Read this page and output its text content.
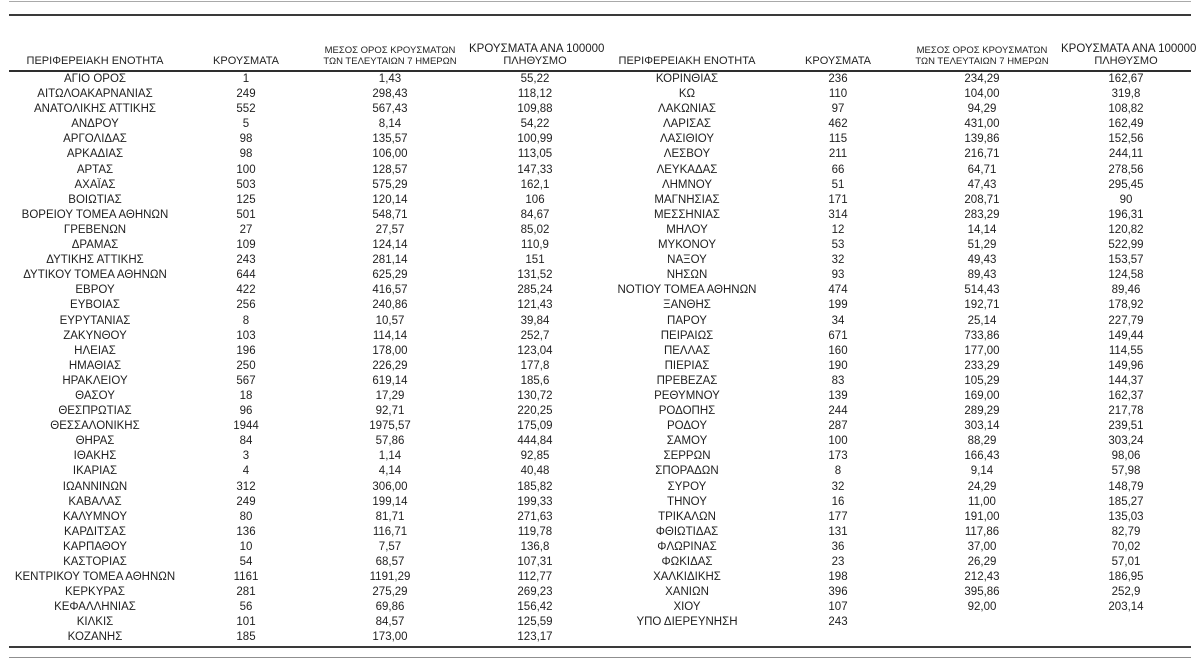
ΠΕΡΙΦΕΡΕΙΑΚΗ ΕΝΟΤΗΤΑ	ΚΡΟΥΣΜΑΤΑ	
ΜΕΣΟΣ ΟΡΟΣ ΚΡΟΥΣΜΑΤΩΝ
ΤΩΝ ΤΕΛΕΥΤΑΙΩΝ 7 ΗΜΕΡΩΝ

ΚΡΟΥΣΜΑΤΑ ΑΝΑ 100000
ΠΛΗΘΥΣΜΟ

ΑΓΙΟ ΟΡΟΣ	1	1,43	55,22
ΑΙΤΩΛΟΑΚΑΡΝΑΝΙΑΣ	249	298,43	118,12
ΑΝΑΤΟΛΙΚΗΣ ΑΤΤΙΚΗΣ	552	567,43	109,88
ΑΝΔΡΟΥ	5	8,14	54,22
ΑΡΓΟΛΙΔΑΣ	98	135,57	100,99
ΑΡΚΑΔΙΑΣ	98	106,00	113,05
ΑΡΤΑΣ	100	128,57	147,33
ΑΧΑΪΑΣ	503	575,29	162,1
ΒΟΙΩΤΙΑΣ	125	120,14	106
ΒΟΡΕΙΟΥ ΤΟΜΕΑ ΑΘΗΝΩΝ	501	548,71	84,67
ΓΡΕΒΕΝΩΝ	27	27,57	85,02
ΔΡΑΜΑΣ	109	124,14	110,9
ΔΥΤΙΚΗΣ ΑΤΤΙΚΗΣ	243	281,14	151
ΔΥΤΙΚΟΥ ΤΟΜΕΑ ΑΘΗΝΩΝ	644	625,29	131,52
ΕΒΡΟΥ	422	416,57	285,24
ΕΥΒΟΙΑΣ	256	240,86	121,43
ΕΥΡΥΤΑΝΙΑΣ	8	10,57	39,84
ΖΑΚΥΝΘΟΥ	103	114,14	252,7
ΗΛΕΙΑΣ	196	178,00	123,04
ΗΜΑΘΙΑΣ	250	226,29	177,8
ΗΡΑΚΛΕΙΟΥ	567	619,14	185,6
ΘΑΣΟΥ	18	17,29	130,72
ΘΕΣΠΡΩΤΙΑΣ	96	92,71	220,25
ΘΕΣΣΑΛΟΝΙΚΗΣ	1944	1975,57	175,09
ΘΗΡΑΣ	84	57,86	444,84
ΙΘΑΚΗΣ	3	1,14	92,85
ΙΚΑΡΙΑΣ	4	4,14	40,48
ΙΩΑΝΝΙΝΩΝ	312	306,00	185,82
ΚΑΒΑΛΑΣ	249	199,14	199,33
ΚΑΛΥΜΝΟΥ	80	81,71	271,63
ΚΑΡΔΙΤΣΑΣ	136	116,71	119,78
ΚΑΡΠΑΘΟΥ	10	7,57	136,8
ΚΑΣΤΟΡΙΑΣ	54	68,57	107,31
ΚΕΝΤΡΙΚΟΥ ΤΟΜΕΑ ΑΘΗΝΩΝ	1161	1191,29	112,77
ΚΕΡΚΥΡΑΣ	281	275,29	269,23
ΚΕΦΑΛΛΗΝΙΑΣ	56	69,86	156,42
ΚΙΛΚΙΣ	101	84,57	125,59
ΚΟΖΑΝΗΣ	185	173,00	123,17
ΠΕΡΙΦΕΡΕΙΑΚΗ ΕΝΟΤΗΤΑ	ΚΡΟΥΣΜΑΤΑ	
ΜΕΣΟΣ ΟΡΟΣ ΚΡΟΥΣΜΑΤΩΝ
ΤΩΝ ΤΕΛΕΥΤΑΙΩΝ 7 ΗΜΕΡΩΝ

ΚΡΟΥΣΜΑΤΑ ΑΝΑ 100000
ΠΛΗΘΥΣΜΟ

ΚΟΡΙΝΘΙΑΣ	236	234,29	162,67
ΚΩ	110	104,00	319,8
ΛΑΚΩΝΙΑΣ	97	94,29	108,82
ΛΑΡΙΣΑΣ	462	431,00	162,49
ΛΑΣΙΘΙΟΥ	115	139,86	152,56
ΛΕΣΒΟΥ	211	216,71	244,11
ΛΕΥΚΑΔΑΣ	66	64,71	278,56
ΛΗΜΝΟΥ	51	47,43	295,45
ΜΑΓΝΗΣΙΑΣ	171	208,71	90
ΜΕΣΣΗΝΙΑΣ	314	283,29	196,31
ΜΗΛΟΥ	12	14,14	120,82
ΜΥΚΟΝΟΥ	53	51,29	522,99
ΝΑΞΟΥ	32	49,43	153,57
ΝΗΣΩΝ	93	89,43	124,58
ΝΟΤΙΟΥ ΤΟΜΕΑ ΑΘΗΝΩΝ	474	514,43	89,46
ΞΑΝΘΗΣ	199	192,71	178,92
ΠΑΡΟΥ	34	25,14	227,79
ΠΕΙΡΑΙΩΣ	671	733,86	149,44
ΠΕΛΛΑΣ	160	177,00	114,55
ΠΙΕΡΙΑΣ	190	233,29	149,96
ΠΡΕΒΕΖΑΣ	83	105,29	144,37
ΡΕΘΥΜΝΟΥ	139	169,00	162,37
ΡΟΔΟΠΗΣ	244	289,29	217,78
ΡΟΔΟΥ	287	303,14	239,51
ΣΑΜΟΥ	100	88,29	303,24
ΣΕΡΡΩΝ	173	166,43	98,06
ΣΠΟΡΑΔΩΝ	8	9,14	57,98
ΣΥΡΟΥ	32	24,29	148,79
ΤΗΝΟΥ	16	11,00	185,27
ΤΡΙΚΑΛΩΝ	177	191,00	135,03
ΦΘΙΩΤΙΔΑΣ	131	117,86	82,79
ΦΛΩΡΙΝΑΣ	36	37,00	70,02
ΦΩΚΙΔΑΣ	23	26,29	57,01
ΧΑΛΚΙΔΙΚΗΣ	198	212,43	186,95
ΧΑΝΙΩΝ	396	395,86	252,9
ΧΙΟΥ	107	92,00	203,14
ΥΠΟ ΔΙΕΡΕΥΝΗΣΗ	243		
